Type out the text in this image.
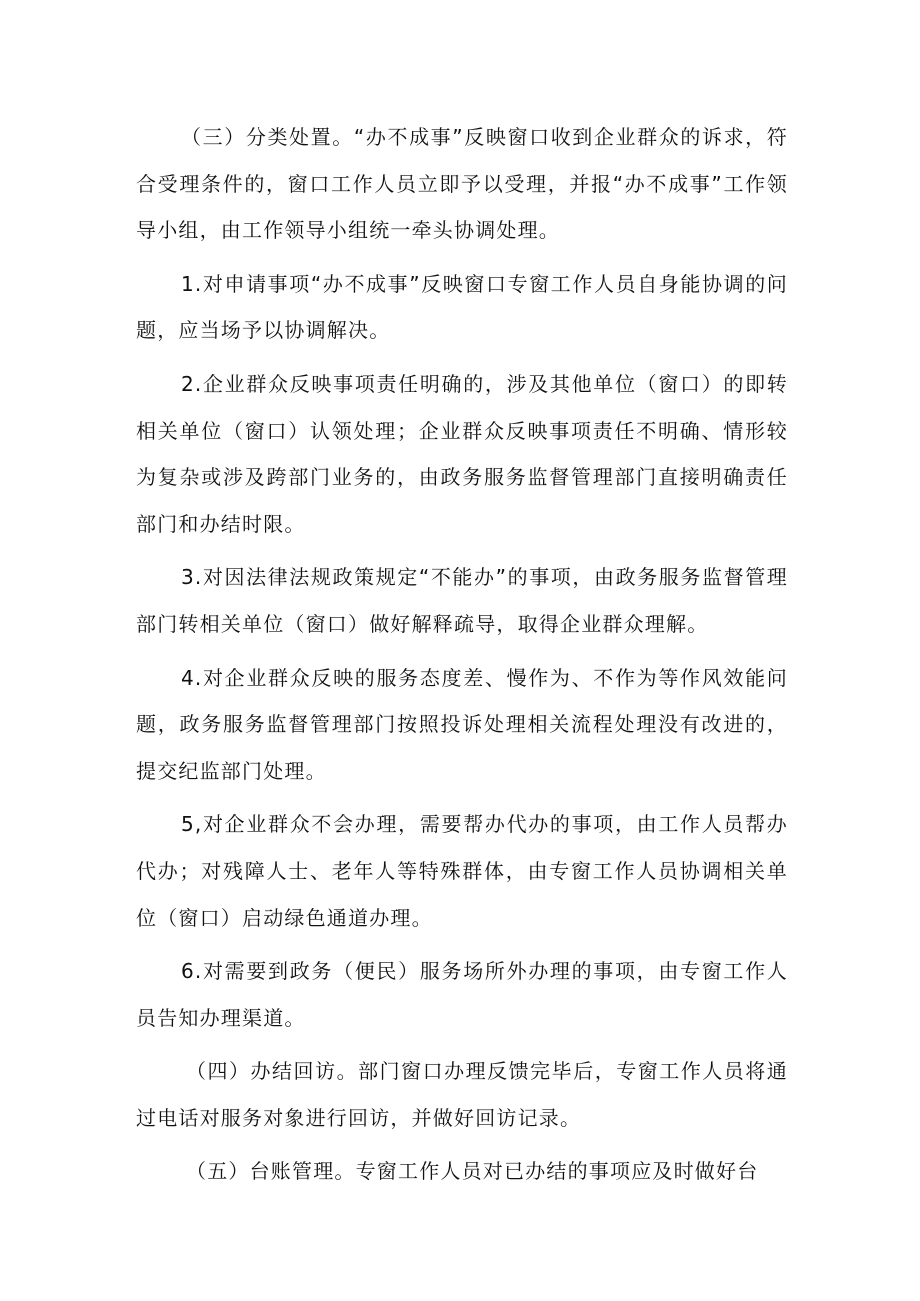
（三）分类处置。“办不成事”反映窗口收到企业群众的诉求，符合受理条件的，窗口工作人员立即予以受理，并报“办不成事”工作领导小组，由工作领导小组统一牵头协调处理。

1.对申请事项“办不成事”反映窗口专窗工作人员自身能协调的问题，应当场予以协调解决。

2.企业群众反映事项责任明确的，涉及其他单位（窗口）的即转相关单位（窗口）认领处理；企业群众反映事项责任不明确、情形较为复杂或涉及跨部门业务的，由政务服务监督管理部门直接明确责任部门和办结时限。

3.对因法律法规政策规定“不能办”的事项，由政务服务监督管理部门转相关单位（窗口）做好解释疏导，取得企业群众理解。

4.对企业群众反映的服务态度差、慢作为、不作为等作风效能问题，政务服务监督管理部门按照投诉处理相关流程处理没有改进的，提交纪监部门处理。

5,对企业群众不会办理，需要帮办代办的事项，由工作人员帮办代办；对残障人士、老年人等特殊群体，由专窗工作人员协调相关单位（窗口）启动绿色通道办理。

6.对需要到政务（便民）服务场所外办理的事项，由专窗工作人员告知办理渠道。

（四）办结回访。部门窗口办理反馈完毕后，专窗工作人员将通过电话对服务对象进行回访，并做好回访记录。

（五）台账管理。专窗工作人员对已办结的事项应及时做好台
